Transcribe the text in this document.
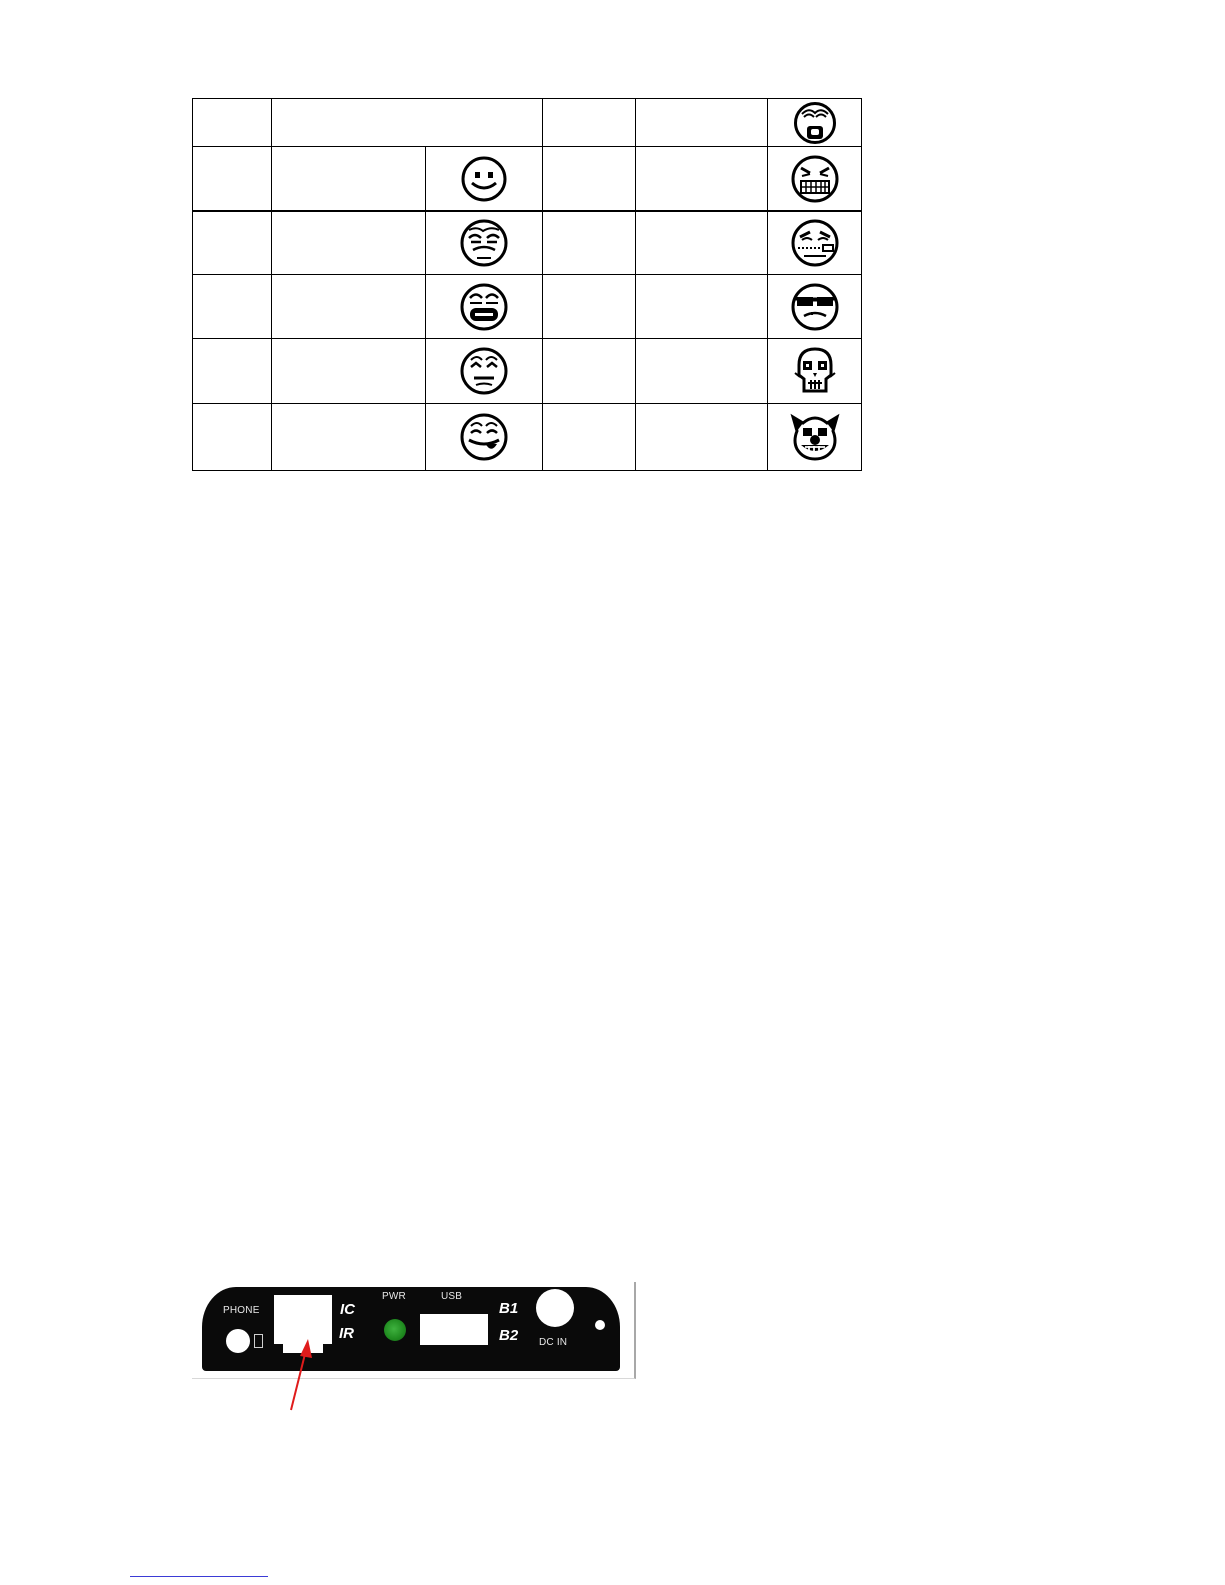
PHONE	IC
IR
PWR	USB
B1
B2 DC IN
